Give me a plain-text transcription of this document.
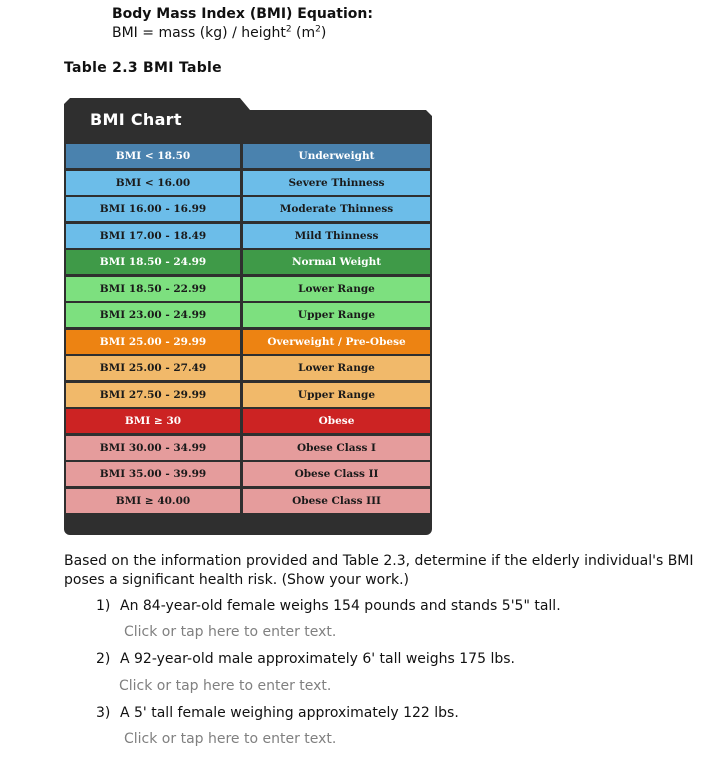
Body Mass Index (BMI) Equation:
BMI = mass (kg) / height$^2$ $(m^2)$
Table 2.3 BMI Table
BMI Chart
BMI < 18.50	Underweight
BMI < 16.00	Severe Thinness
BMI 16.00 - 16.99	Moderate Thinness
BMI 17.00 - 18.49	Mild Thinness
BMI 18.50 - 24.99	Normal Weight
BMI 18.50 - 22.99	Lower Range
BMI 23.00 - 24.99	Upper Range
BMI 25.00 - 29.99	Overweight / Pre-Obese
BMI 25.00 - 27.49	Lower Range
BMI 27.50 - 29.99	Upper Range
BMI ≥ 30	Obese
BMI 30.00 - 34.99	Obese Class I
BMI 35.00 - 39.99	Obese Class II
BMI ≥ 40.00	Obese Class III
Based on the information provided and Table 2.3, determine if the elderly individual's BMI poses a significant health risk. (Show your work.)
1) An 84-year-old female weighs 154 pounds and stands 5'5" tall.
Click or tap here to enter text.
2) A 92-year-old male approximately 6' tall weighs 175 lbs.
Click or tap here to enter text.
3) A 5' tall female weighing approximately 122 lbs.
Click or tap here to enter text.
